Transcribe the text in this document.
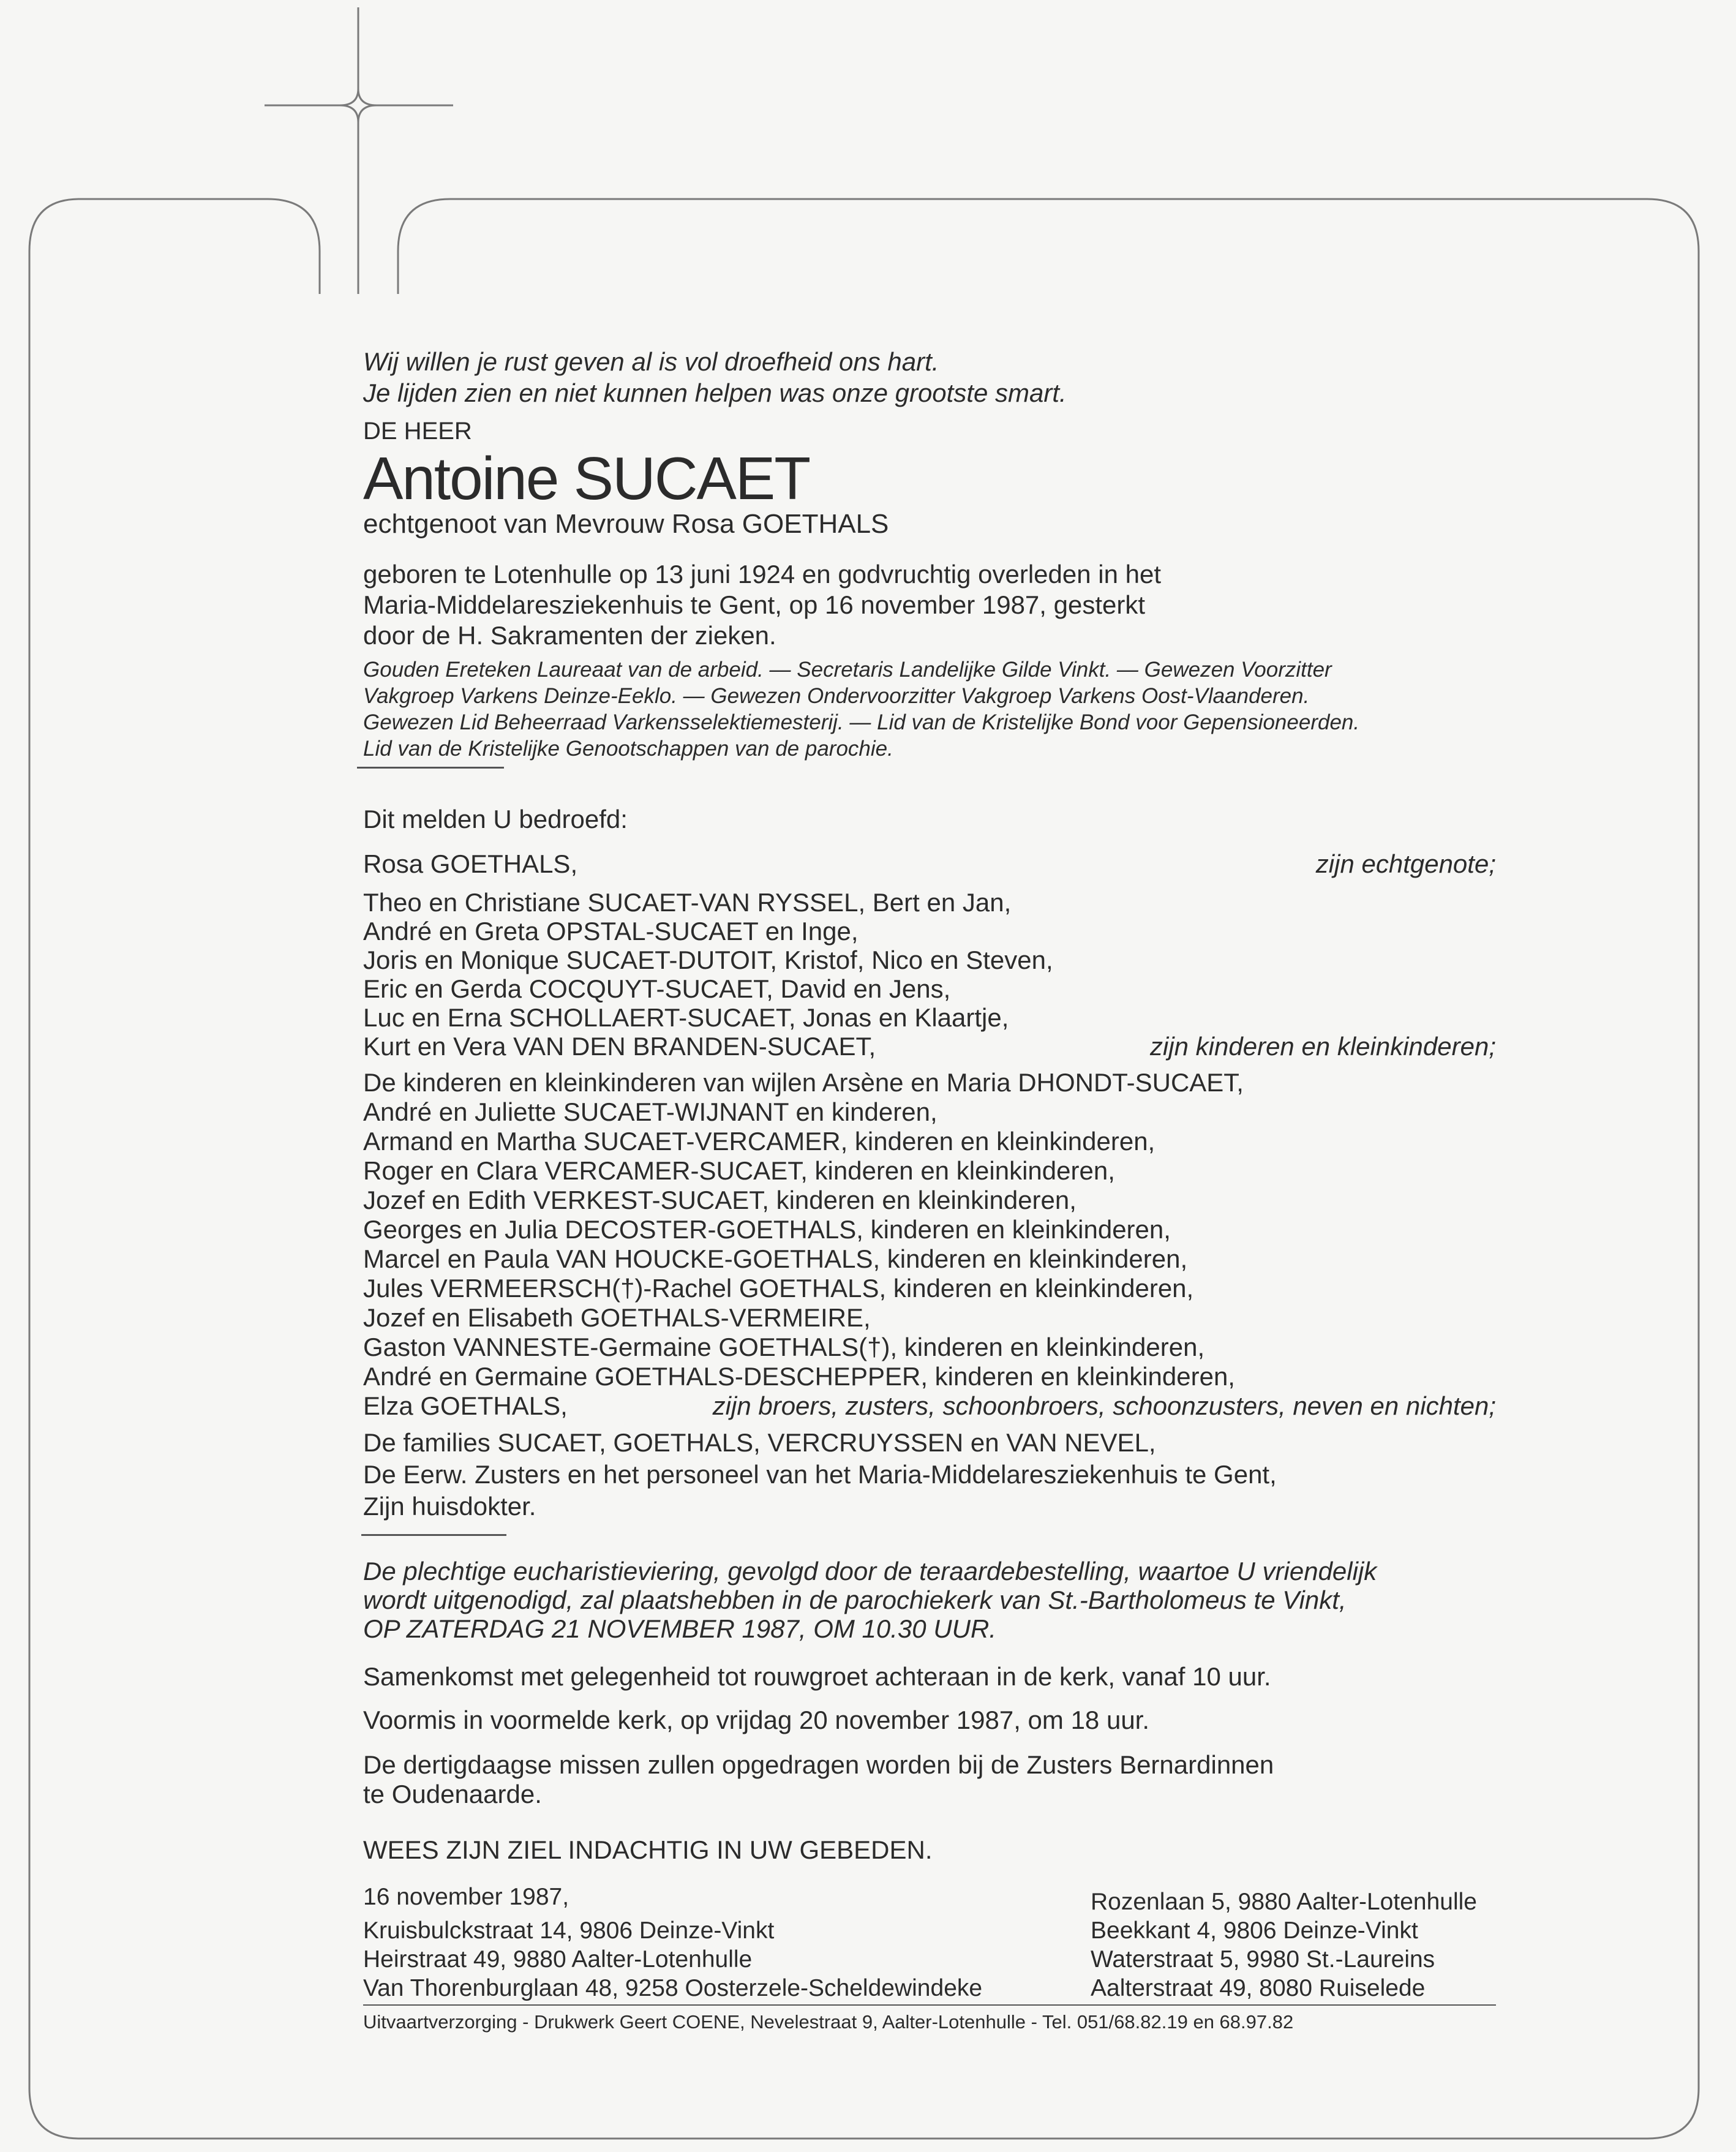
Wij willen je rust geven al is vol droefheid ons hart.
Je lijden zien en niet kunnen helpen was onze grootste smart.
DE HEER
Antoine SUCAET
echtgenoot van Mevrouw Rosa GOETHALS
geboren te Lotenhulle op 13 juni 1924 en godvruchtig overleden in het
Maria-Middelaresziekenhuis te Gent, op 16 november 1987, gesterkt
door de H. Sakramenten der zieken.
Gouden Ereteken Laureaat van de arbeid. — Secretaris Landelijke Gilde Vinkt. — Gewezen Voorzitter
Vakgroep Varkens Deinze-Eeklo. — Gewezen Ondervoorzitter Vakgroep Varkens Oost-Vlaanderen.
Gewezen Lid Beheerraad Varkensselektiemesterij. — Lid van de Kristelijke Bond voor Gepensioneerden.
Lid van de Kristelijke Genootschappen van de parochie.
Dit melden U bedroefd:
Rosa GOETHALS,	zijn echtgenote;
Theo en Christiane SUCAET-VAN RYSSEL, Bert en Jan,
André en Greta OPSTAL-SUCAET en Inge,
Joris en Monique SUCAET-DUTOIT, Kristof, Nico en Steven,
Eric en Gerda COCQUYT-SUCAET, David en Jens,
Luc en Erna SCHOLLAERT-SUCAET, Jonas en Klaartje,
Kurt en Vera VAN DEN BRANDEN-SUCAET,	zijn kinderen en kleinkinderen;
De kinderen en kleinkinderen van wijlen Arsène en Maria DHONDT-SUCAET,
André en Juliette SUCAET-WIJNANT en kinderen,
Armand en Martha SUCAET-VERCAMER, kinderen en kleinkinderen,
Roger en Clara VERCAMER-SUCAET, kinderen en kleinkinderen,
Jozef en Edith VERKEST-SUCAET, kinderen en kleinkinderen,
Georges en Julia DECOSTER-GOETHALS, kinderen en kleinkinderen,
Marcel en Paula VAN HOUCKE-GOETHALS, kinderen en kleinkinderen,
Jules VERMEERSCH(†)-Rachel GOETHALS, kinderen en kleinkinderen,
Jozef en Elisabeth GOETHALS-VERMEIRE,
Gaston VANNESTE-Germaine GOETHALS(†), kinderen en kleinkinderen,
André en Germaine GOETHALS-DESCHEPPER, kinderen en kleinkinderen,
Elza GOETHALS,	zijn broers, zusters, schoonbroers, schoonzusters, neven en nichten;
De families SUCAET, GOETHALS, VERCRUYSSEN en VAN NEVEL,
De Eerw. Zusters en het personeel van het Maria-Middelaresziekenhuis te Gent,
Zijn huisdokter.
De plechtige eucharistieviering, gevolgd door de teraardebestelling, waartoe U vriendelijk
wordt uitgenodigd, zal plaatshebben in de parochiekerk van St.-Bartholomeus te Vinkt,
OP ZATERDAG 21 NOVEMBER 1987, OM 10.30 UUR.
Samenkomst met gelegenheid tot rouwgroet achteraan in de kerk, vanaf 10 uur.
Voormis in voormelde kerk, op vrijdag 20 november 1987, om 18 uur.
De dertigdaagse missen zullen opgedragen worden bij de Zusters Bernardinnen
te Oudenaarde.
WEES ZIJN ZIEL INDACHTIG IN UW GEBEDEN.
16 november 1987,
Kruisbulckstraat 14, 9806 Deinze-Vinkt
Heirstraat 49, 9880 Aalter-Lotenhulle
Van Thorenburglaan 48, 9258 Oosterzele-Scheldewindeke
Rozenlaan 5, 9880 Aalter-Lotenhulle
Beekkant 4, 9806 Deinze-Vinkt
Waterstraat 5, 9980 St.-Laureins
Aalterstraat 49, 8080 Ruiselede
Uitvaartverzorging - Drukwerk Geert COENE, Nevelestraat 9, Aalter-Lotenhulle - Tel. 051/68.82.19 en 68.97.82
